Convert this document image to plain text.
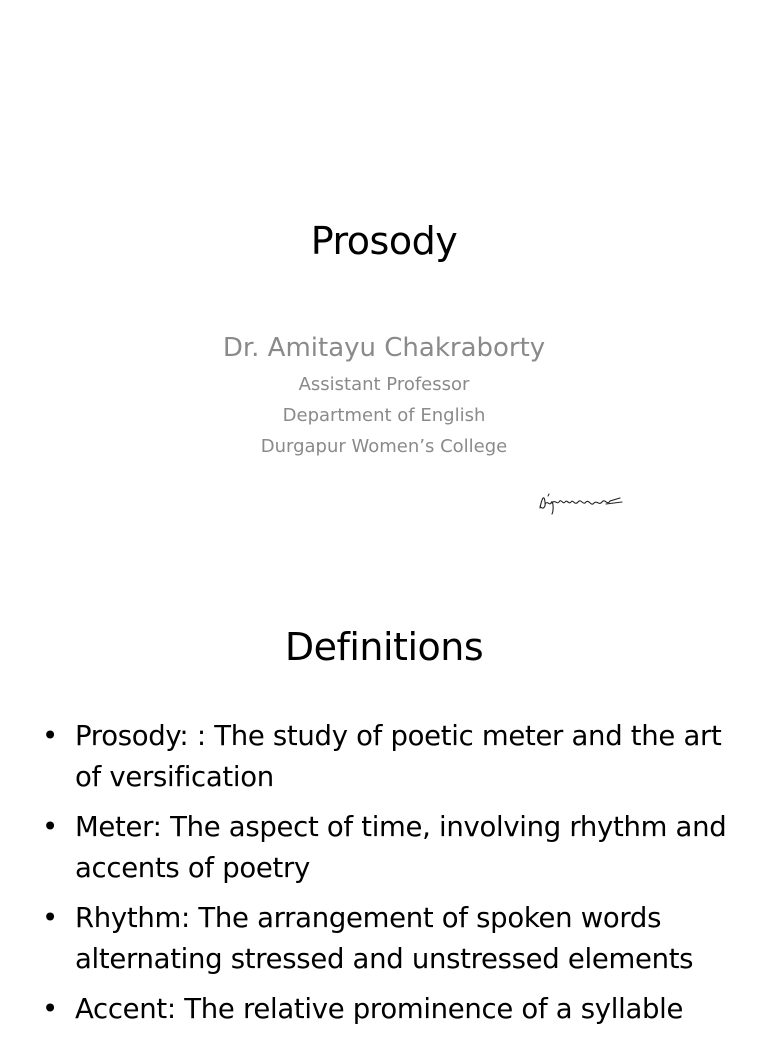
Prosody

Dr. Amitayu Chakraborty

Assistant Professor

Department of English

Durgapur Women’s College

Definitions
• Prosody: : The study of poetic meter and the art of versification
• Meter: The aspect of time, involving rhythm and accents of poetry
• Rhythm: The arrangement of spoken words alternating stressed and unstressed elements
• Accent: The relative prominence of a syllable
